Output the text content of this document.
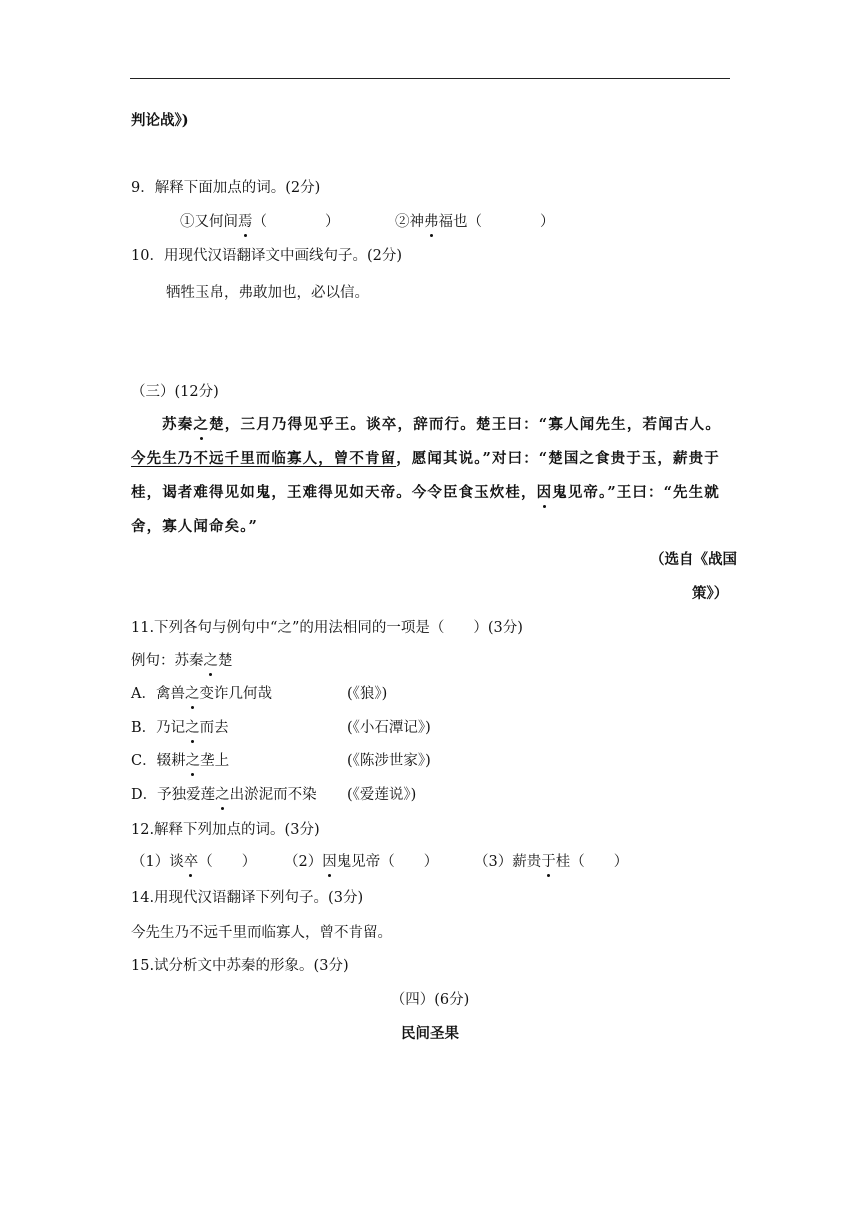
判论战》)
9．解释下面加点的词。(2分)
①又何间焉（　　　　）	②神弗福也（　　　　）
10．用现代汉语翻译文中画线句子。(2分)
牺牲玉帛，弗敢加也，必以信。
（三）(12分)
苏秦之楚，三月乃得见乎王。谈卒，辞而行。楚王曰：“寡人闻先生，若闻古人。
今先生乃不远千里而临寡人，曾不肯留，愿闻其说。”对曰：“楚国之食贵于玉，薪贵于
桂，谒者难得见如鬼，王难得见如天帝。今令臣食玉炊桂，因鬼见帝。”王曰：“先生就
舍，寡人闻命矣。”
（选自《战国
策》）
11.下列各句与例句中“之”的用法相同的一项是（　　）(3分)
例句：苏秦之楚
A．禽兽之变诈几何哉	(《狼》)
B．乃记之而去	(《小石潭记》)
C．辍耕之垄上	(《陈涉世家》)
D．予独爱莲之出淤泥而不染 (《爱莲说》)
12.解释下列加点的词。(3分)
（1）谈卒（　　） （2）因鬼见帝（　　） （3）薪贵于桂（　　）
14.用现代汉语翻译下列句子。(3分)
今先生乃不远千里而临寡人，曾不肯留。
15.试分析文中苏秦的形象。(3分)
（四）(6分)
民间圣果
